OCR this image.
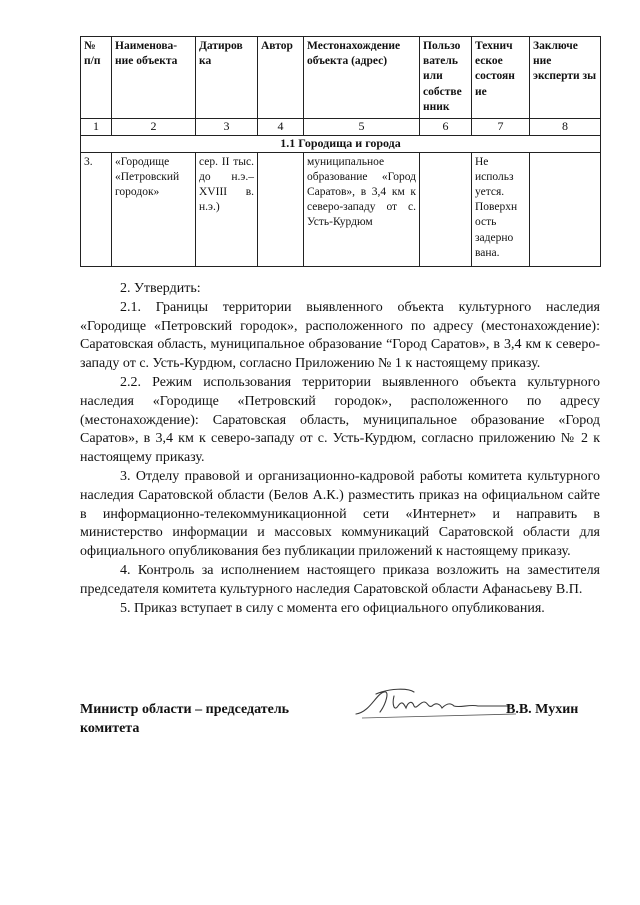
№ п/п	Наименова-ние объекта	Датиров ка	Автор	Местонахождение объекта (адрес)	Пользо ватель или собстве нник	Технич еское состоян ие	Заключе ние эксперти зы
1	2	3	4	5	6	7	8
1.1 Городища и города							
3.	«Городище «Петровский городок»	сер. II тыс. до н.э.– XVIII в. н.э.)		муниципальное образование «Город Саратов», в 3,4 км к северо-западу от с. Усть-Курдюм		Не использ уется. Поверхн ость задерно вана.	

2. Утвердить:

2.1. Границы территории выявленного объекта культурного наследия «Городище «Петровский городок», расположенного по адресу (местонахождение): Саратовская область, муниципальное образование “Город Саратов», в 3,4 км к северо-западу от с. Усть-Курдюм, согласно Приложению № 1 к настоящему приказу.

2.2. Режим использования территории выявленного объекта культурного наследия «Городище «Петровский городок», расположенного по адресу (местонахождение): Саратовская область, муниципальное образование «Город Саратов», в 3,4 км к северо-западу от с. Усть-Курдюм, согласно приложению № 2 к настоящему приказу.

3. Отделу правовой и организационно-кадровой работы комитета культурного наследия Саратовской области (Белов А.К.) разместить приказ на официальном сайте в информационно-телекоммуникационной сети «Интернет» и направить в министерство информации и массовых коммуникаций Саратовской области для официального опубликования без публикации приложений к настоящему приказу.

4. Контроль за исполнением настоящего приказа возложить на заместителя председателя комитета культурного наследия Саратовской области Афанасьеву В.П.

5. Приказ вступает в силу с момента его официального опубликования.

Министр области – председатель комитета
В.В. Мухин
